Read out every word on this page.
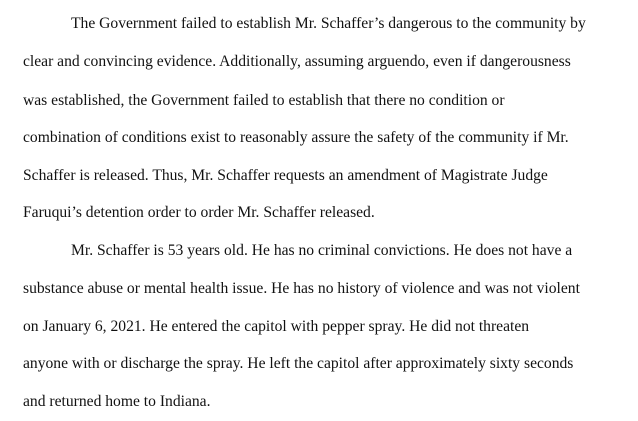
The Government failed to establish Mr. Schaffer’s dangerous to the community by
clear and convincing evidence. Additionally, assuming arguendo, even if dangerousness
was established, the Government failed to establish that there no condition or
combination of conditions exist to reasonably assure the safety of the community if Mr.
Schaffer is released. Thus, Mr. Schaffer requests an amendment of Magistrate Judge
Faruqui’s detention order to order Mr. Schaffer released.
Mr. Schaffer is 53 years old. He has no criminal convictions. He does not have a
substance abuse or mental health issue. He has no history of violence and was not violent
on January 6, 2021. He entered the capitol with pepper spray. He did not threaten
anyone with or discharge the spray. He left the capitol after approximately sixty seconds
and returned home to Indiana.
